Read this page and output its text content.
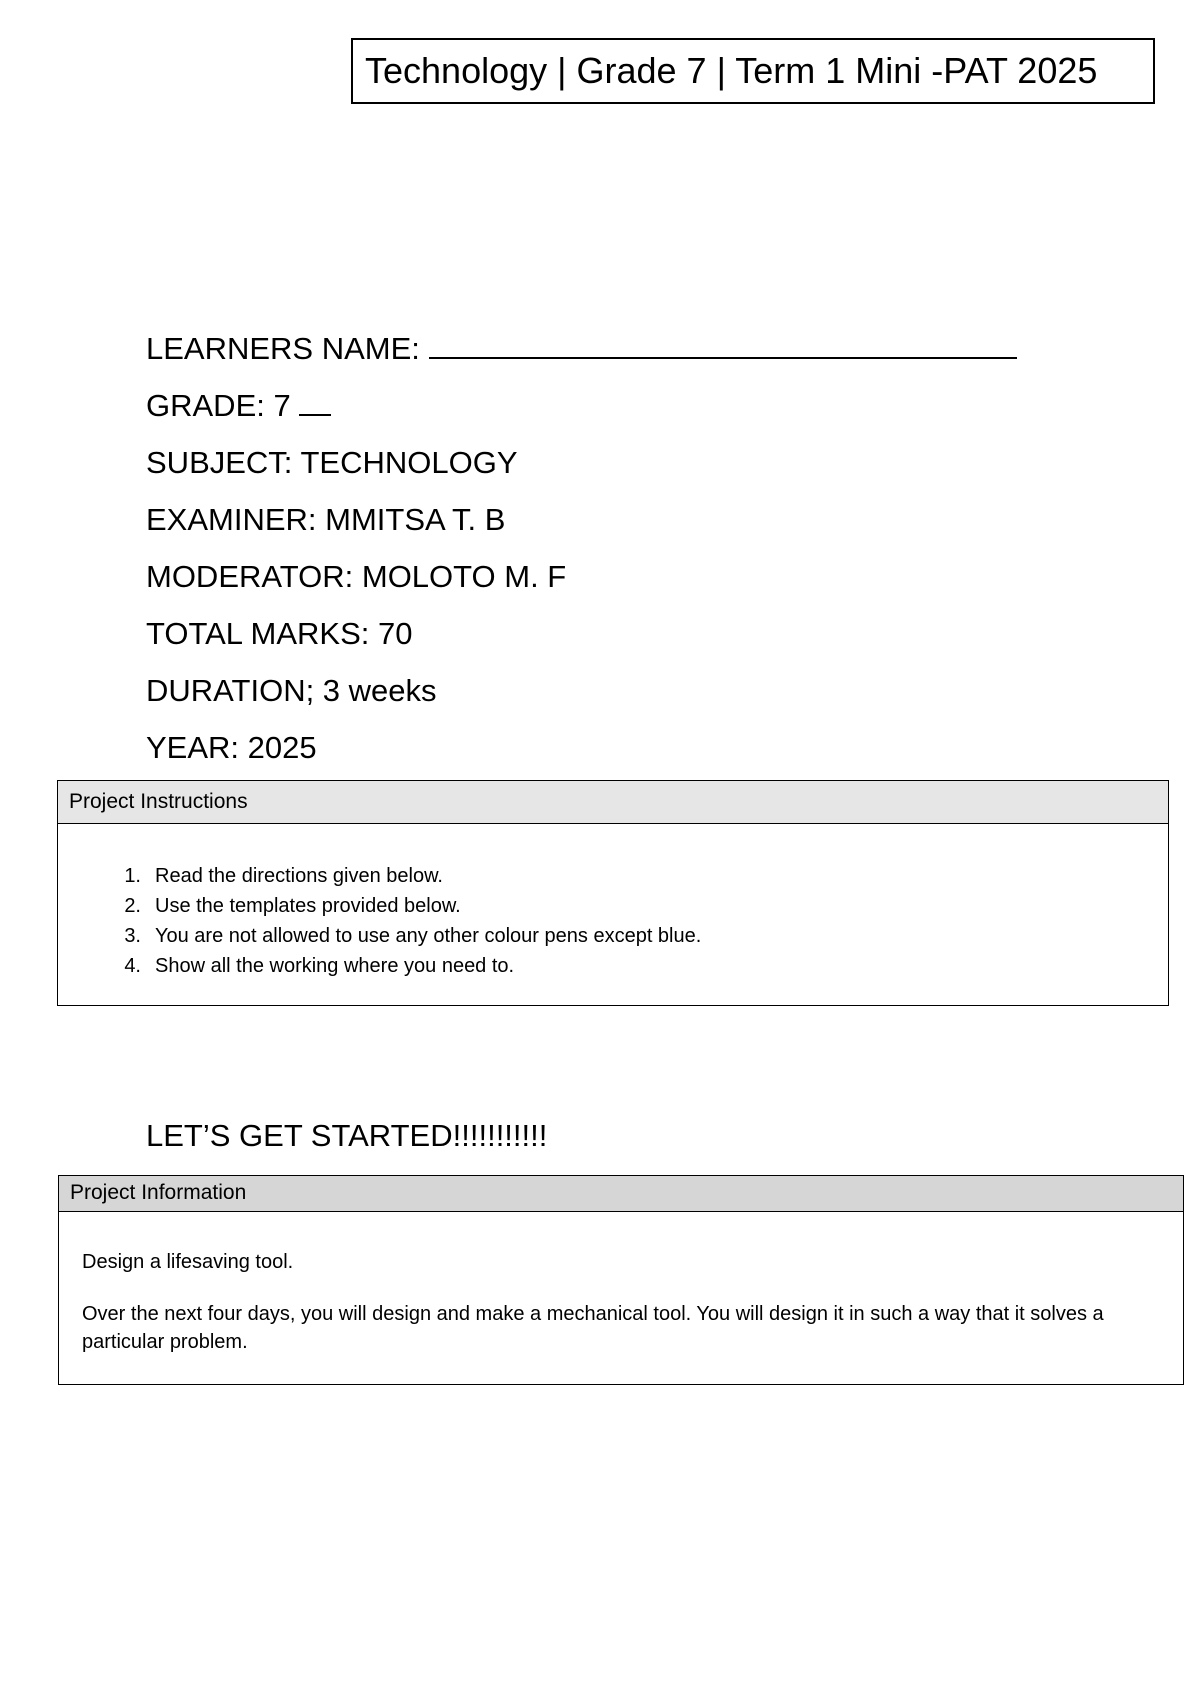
Technology | Grade 7 | Term 1 Mini -PAT 2025
LEARNERS NAME:
GRADE: 7
SUBJECT: TECHNOLOGY
EXAMINER: MMITSA T. B
MODERATOR: MOLOTO M. F
TOTAL MARKS: 70
DURATION; 3 weeks
YEAR: 2025
Project Instructions
1. Read the directions given below.
2. Use the templates provided below.
3. You are not allowed to use any other colour pens except blue.
4. Show all the working where you need to.
LET’S GET STARTED!!!!!!!!!!!
Project Information

Design a lifesaving tool.

Over the next four days, you will design and make a mechanical tool. You will design it in such a way that it solves a particular problem.
